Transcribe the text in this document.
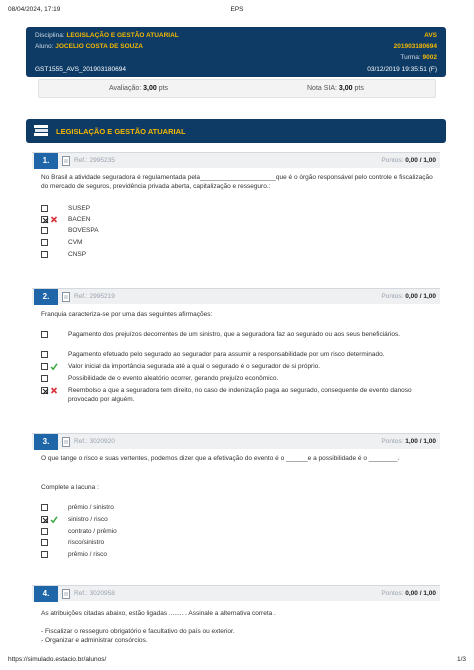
08/04/2024, 17:19	EPS
Disciplina: LEGISLAÇÃO E GESTÃO ATUARIAL	AVS
Aluno: JOCELIO COSTA DE SOUZA	201903180694
Turma: 9002
GST1555_AVS_201903180694	03/12/2019 19:35:51 (F)
Avaliação: 3,00 pts	Nota SIA: 3,00 pts
LEGISLAÇÃO E GESTÃO ATUARIAL
1.	Ref.: 2995235	Pontos: 0,00 / 1,00
No Brasil a atividade seguradora é regulamentada pela_____________________que é o órgão responsável pelo controle e fiscalização do mercado de seguros, previdência privada aberta, capitalização e resseguro.:
SUSEP
BACEN
BOVESPA
CVM
CNSP
2.	Ref.: 2995219	Pontos: 0,00 / 1,00
Franquia caracteriza-se por uma das seguintes afirmações:
Pagamento dos prejuízos decorrentes de um sinistro, que a seguradora faz ao segurado ou aos seus beneficiários.
Pagamento efetuado pelo segurado ao segurador para assumir a responsabilidade por um risco determinado.
Valor inicial da importância segurada até a qual o segurado é o segurador de si próprio.
Possibilidade de o evento aleatório ocorrer, gerando prejuízo econômico.
Reembolso a que a seguradora tem direito, no caso de indenização paga ao segurado, consequente de evento danoso provocado por alguém.
3.	Ref.: 3020920	Pontos: 1,00 / 1,00
O que tange o risco e suas vertentes, podemos dizer que a efetivação do evento é o ______e a possibilidade é o ________.
Complete a lacuna :
prêmio / sinistro
sinistro / risco
contrato / prêmio
risco/sinistro
prêmio / risco
4.	Ref.: 3020958	Pontos: 0,00 / 1,00
As atribuições citadas abaixo, estão ligadas ........ . Assinale a alternativa correta .
- Fiscalizar o resseguro obrigatório e facultativo do país ou exterior.
- Organizar e administrar consórcios.
https://simulado.estacio.br/alunos/	1/3
